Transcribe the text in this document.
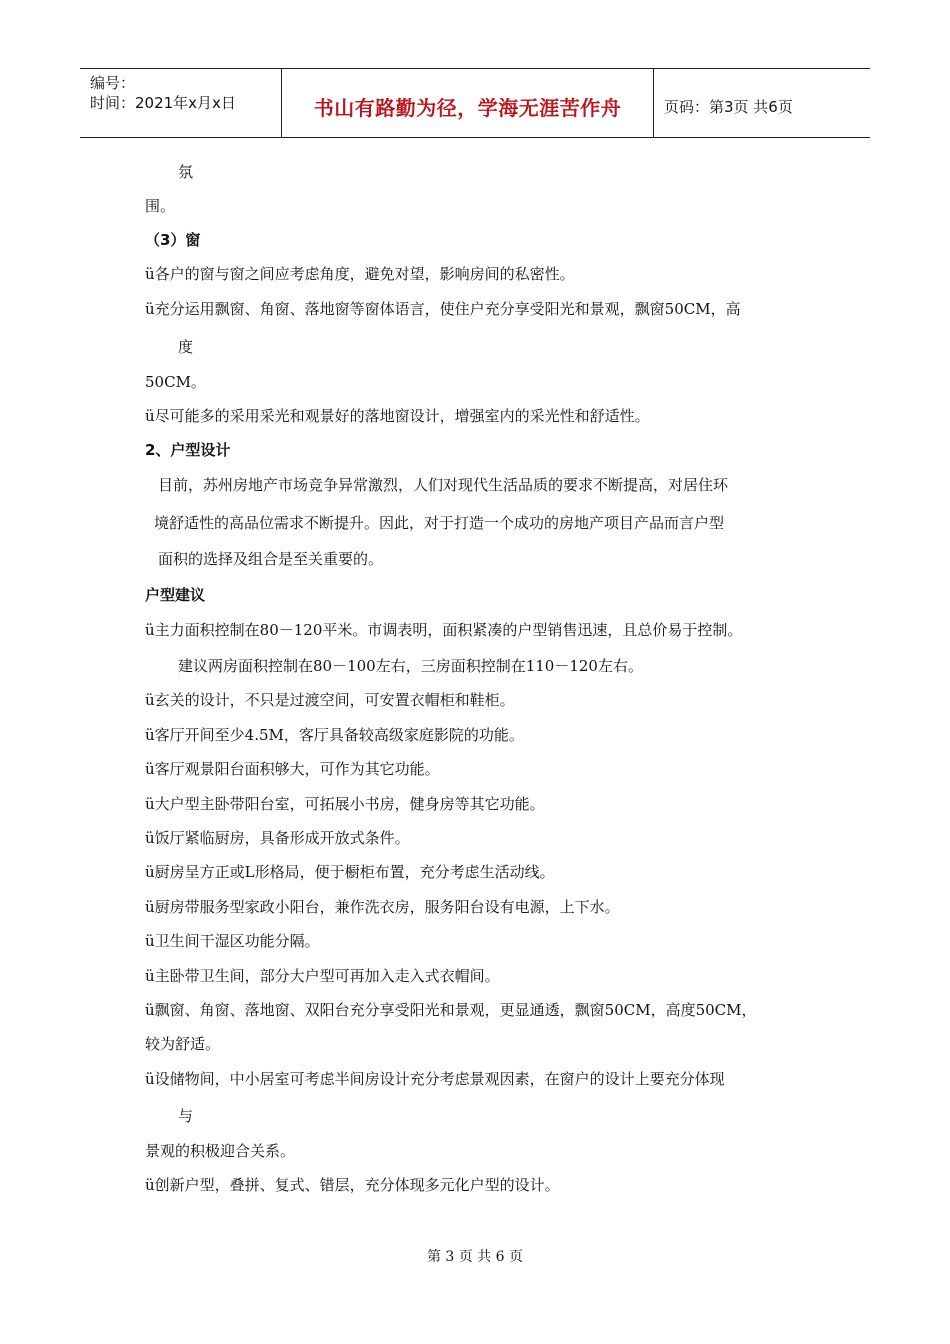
编号：
时间：2021年x月x日	书山有路勤为径，学海无涯苦作舟	页码：第3页 共6页
氛
围。
（3）窗
ü各户的窗与窗之间应考虑角度，避免对望，影响房间的私密性。
ü充分运用飘窗、角窗、落地窗等窗体语言，使住户充分享受阳光和景观，飘窗50CM，高
度
50CM。
ü尽可能多的采用采光和观景好的落地窗设计，增强室内的采光性和舒适性。
2、户型设计
目前，苏州房地产市场竞争异常激烈，人们对现代生活品质的要求不断提高，对居住环
境舒适性的高品位需求不断提升。因此，对于打造一个成功的房地产项目产品而言户型
面积的选择及组合是至关重要的。
户型建议
ü主力面积控制在80－120平米。市调表明，面积紧凑的户型销售迅速，且总价易于控制。
建议两房面积控制在80－100左右，三房面积控制在110－120左右。
ü玄关的设计，不只是过渡空间，可安置衣帽柜和鞋柜。
ü客厅开间至少4.5M，客厅具备较高级家庭影院的功能。
ü客厅观景阳台面积够大，可作为其它功能。
ü大户型主卧带阳台室，可拓展小书房，健身房等其它功能。
ü饭厅紧临厨房，具备形成开放式条件。
ü厨房呈方正或L形格局，便于橱柜布置，充分考虑生活动线。
ü厨房带服务型家政小阳台，兼作洗衣房，服务阳台设有电源，上下水。
ü卫生间干湿区功能分隔。
ü主卧带卫生间，部分大户型可再加入走入式衣帽间。
ü飘窗、角窗、落地窗、双阳台充分享受阳光和景观，更显通透，飘窗50CM，高度50CM，
较为舒适。
ü设储物间，中小居室可考虑半间房设计充分考虑景观因素，在窗户的设计上要充分体现
与
景观的积极迎合关系。
ü创新户型，叠拼、复式、错层，充分体现多元化户型的设计。
第 3 页 共 6 页
